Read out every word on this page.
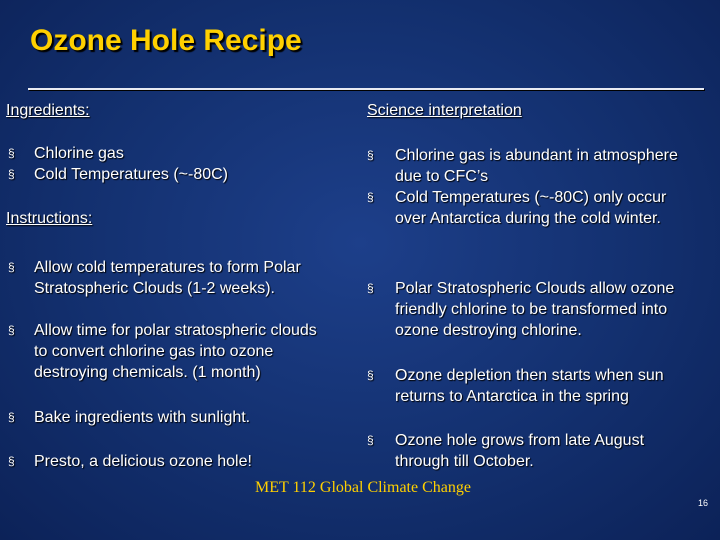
Ozone Hole Recipe
Ingredients:
§ Chlorine gas
§ Cold Temperatures (~-80C)
Instructions:
§ Allow cold temperatures to form Polar
Stratospheric Clouds (1-2 weeks).
§ Allow time for polar stratospheric clouds
to convert chlorine gas into ozone
destroying chemicals. (1 month)
§ Bake ingredients with sunlight.
§ Presto, a delicious ozone hole!
Science interpretation
§ Chlorine gas is abundant in atmosphere
due to CFC’s
§ Cold Temperatures (~-80C) only occur
over Antarctica during the cold winter.
§ Polar Stratospheric Clouds allow ozone
friendly chlorine to be transformed into
ozone destroying chlorine.
§ Ozone depletion then starts when sun
returns to Antarctica in the spring
§ Ozone hole grows from late August
through till October.
MET 112 Global Climate Change
16
